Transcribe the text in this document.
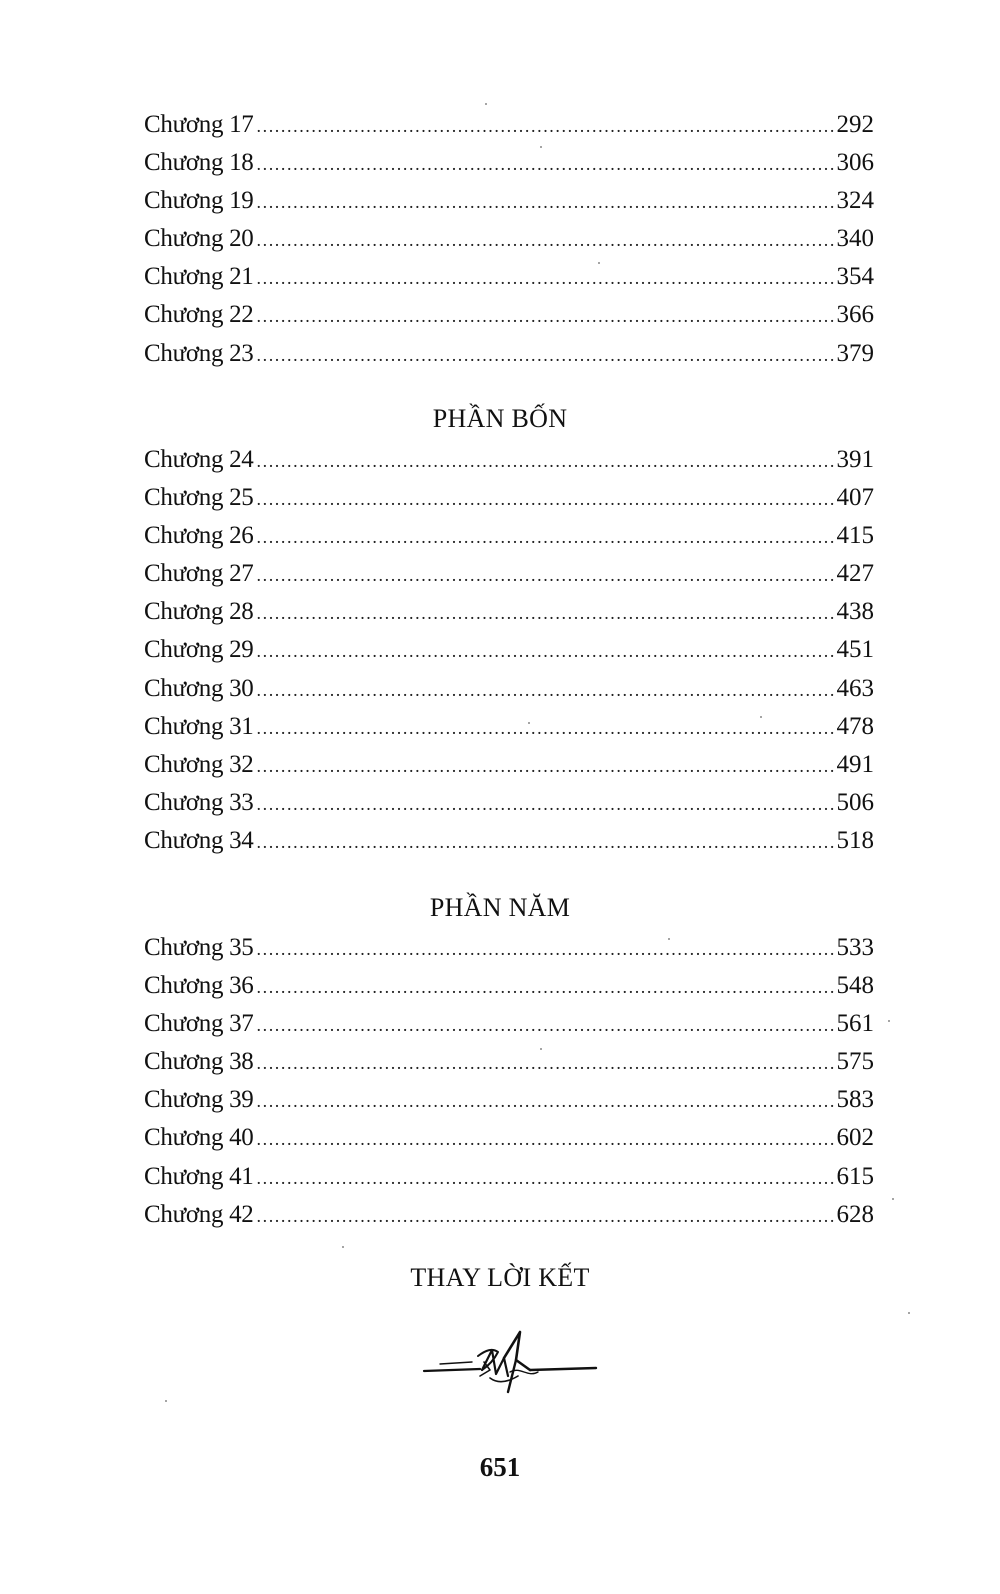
Chương 17 .....	292
Chương 18 .....	306
Chương 19 .....	324
Chương 20 .....	340
Chương 21 .....	354
Chương 22 .....	366
Chương 23 .....	379
PHẦN BỐN
Chương 24 .....	391
Chương 25 .....	407
Chương 26 .....	415
Chương 27 .....	427
Chương 28 .....	438
Chương 29 .....	451
Chương 30 .....	463
Chương 31 .....	478
Chương 32 .....	491
Chương 33 .....	506
Chương 34 .....	518
PHẦN NĂM
Chương 35 .....	533
Chương 36 .....	548
Chương 37 .....	561
Chương 38 .....	575
Chương 39 .....	583
Chương 40 .....	602
Chương 41 .....	615
Chương 42 .....	628
THAY LỜI KẾT
651
